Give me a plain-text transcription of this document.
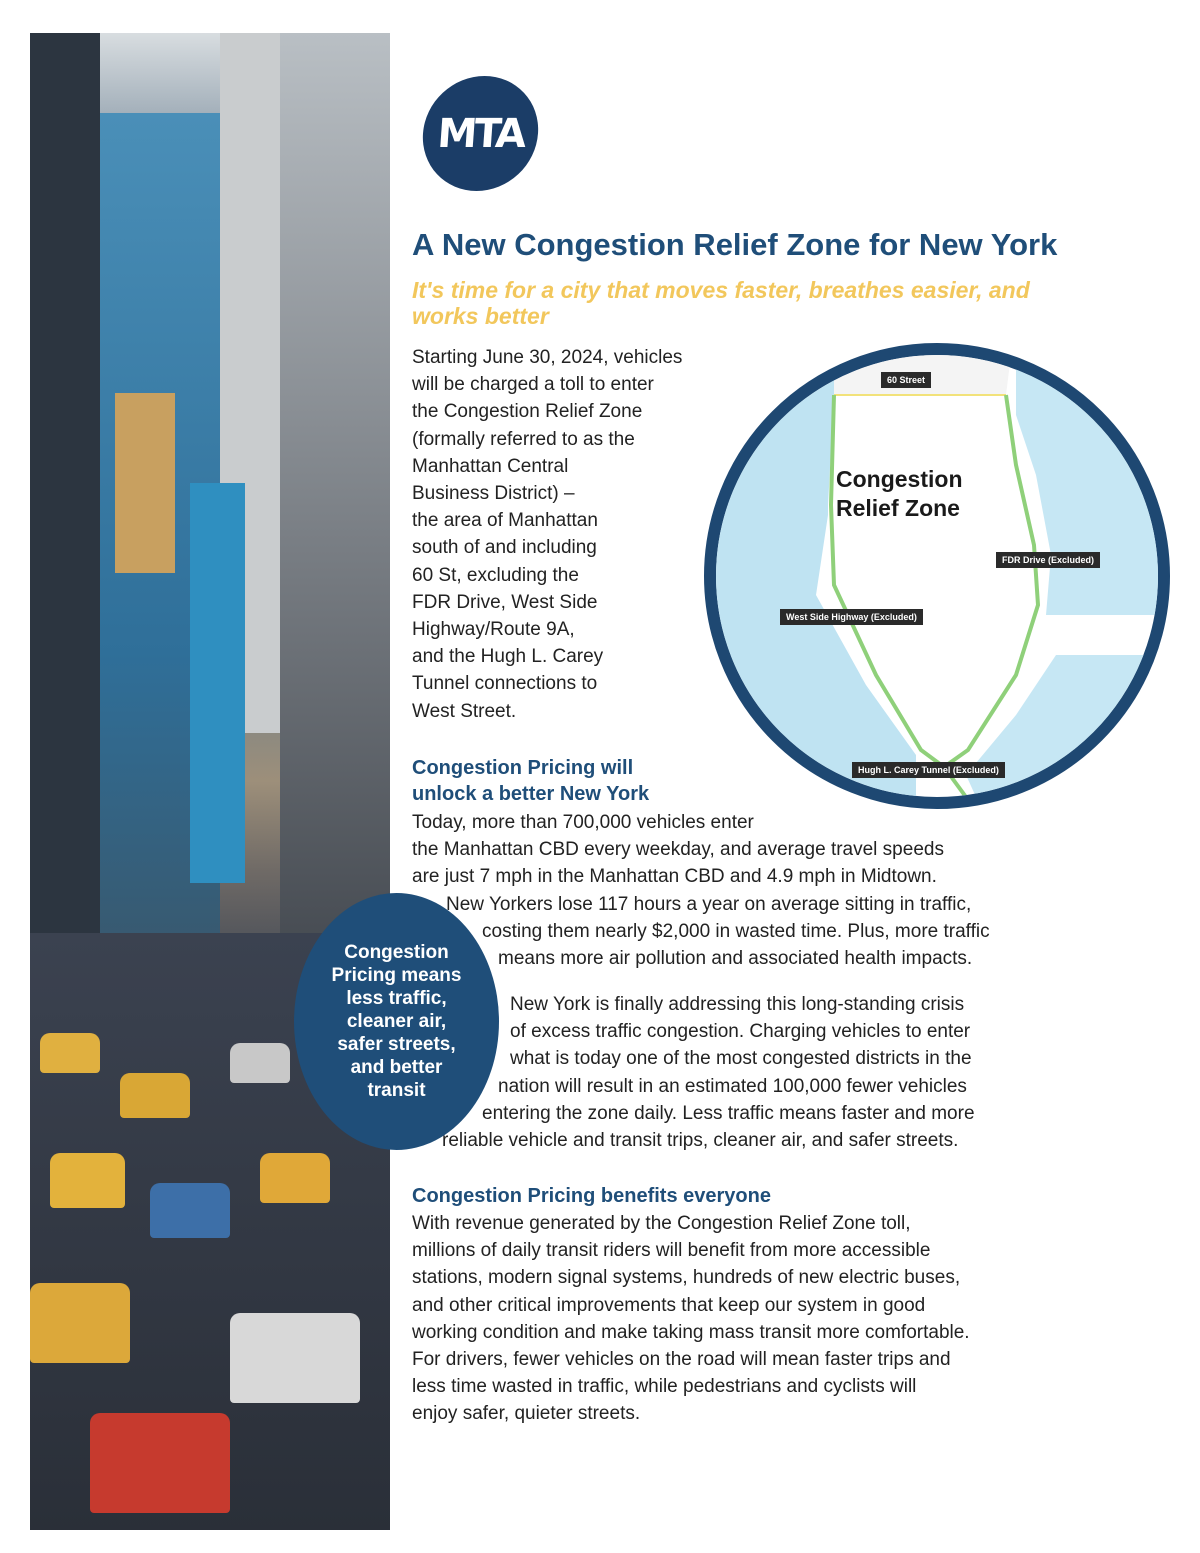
MTA
A New Congestion Relief Zone for New York

It's time for a city that moves faster, breathes easier, and works better

Starting June 30, 2024, vehicles
will be charged a toll to enter
the Congestion Relief Zone
(formally referred to as the
Manhattan Central
Business District) –
the area of Manhattan
south of and including
60 St, excluding the
FDR Drive, West Side
Highway/Route 9A,
and the Hugh L. Carey
Tunnel connections to
West Street.

Congestion
Relief Zone
60 Street
FDR Drive (Excluded)
West Side Highway (Excluded)
Hugh L. Carey Tunnel (Excluded)
Congestion Pricing will
unlock a better New York
Today, more than 700,000 vehicles enter
the Manhattan CBD every weekday, and average travel speeds
are just 7 mph in the Manhattan CBD and 4.9 mph in Midtown.
New Yorkers lose 117 hours a year on average sitting in traffic,
costing them nearly $2,000 in wasted time. Plus, more traffic
means more air pollution and associated health impacts.
New York is finally addressing this long-standing crisis
of excess traffic congestion. Charging vehicles to enter
what is today one of the most congested districts in the
nation will result in an estimated 100,000 fewer vehicles
entering the zone daily. Less traffic means faster and more
reliable vehicle and transit trips, cleaner air, and safer streets.
Congestion
Pricing means
less traffic,
cleaner air,
safer streets,
and better
transit
Congestion Pricing benefits everyone
With revenue generated by the Congestion Relief Zone toll,
millions of daily transit riders will benefit from more accessible
stations, modern signal systems, hundreds of new electric buses,
and other critical improvements that keep our system in good
working condition and make taking mass transit more comfortable.
For drivers, fewer vehicles on the road will mean faster trips and
less time wasted in traffic, while pedestrians and cyclists will
enjoy safer, quieter streets.
